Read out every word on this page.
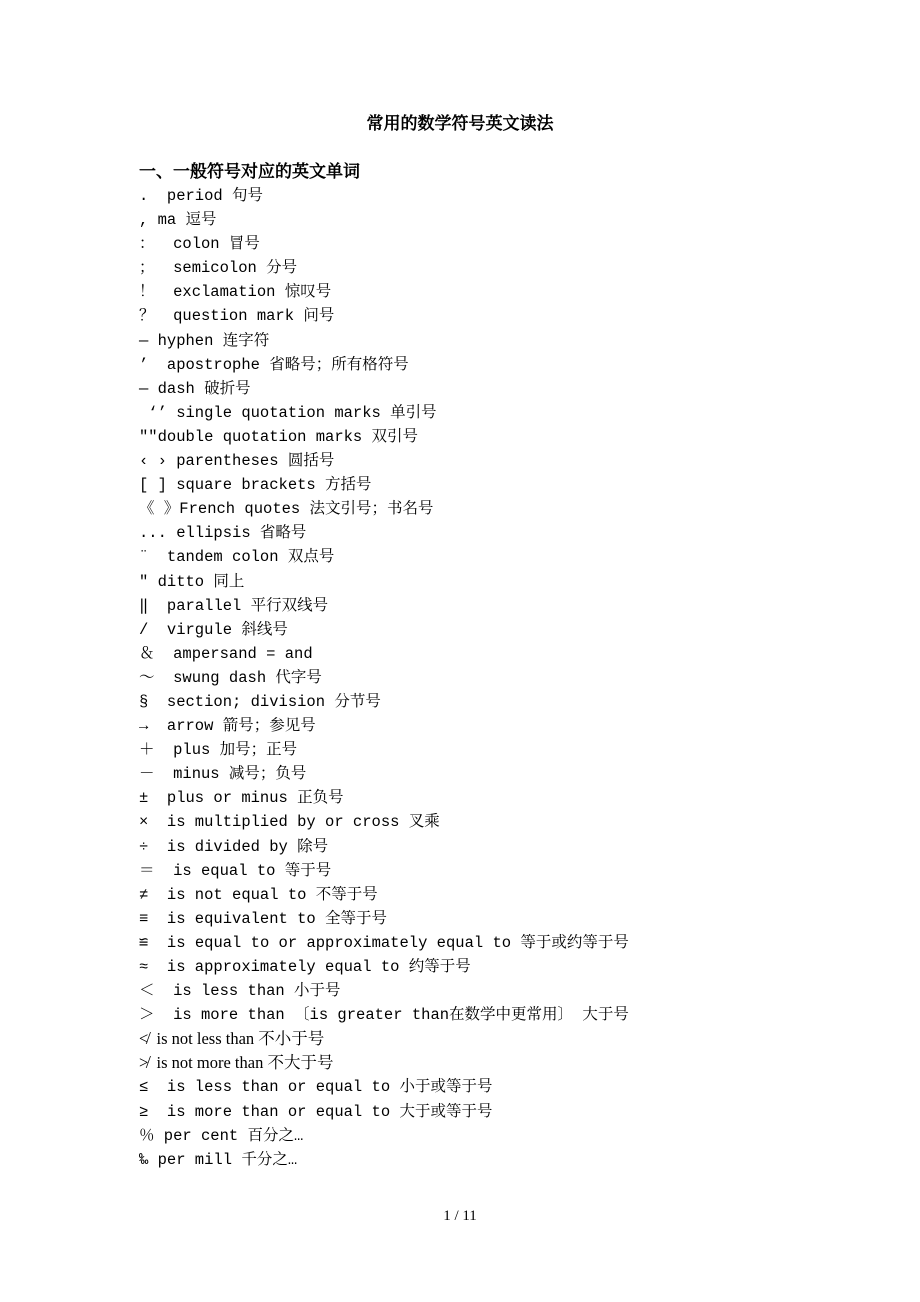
常用的数学符号英文读法
一、一般符号对应的英文单词
.  period 句号
, ma 逗号
：  colon 冒号
；  semicolon 分号
！  exclamation 惊叹号
？  question mark 问号
― hyphen 连字符
’  apostrophe 省略号；所有格符号
— dash 破折号
‘’ single quotation marks 单引号
""double quotation marks 双引号
‹ › parentheses 圆括号
[ ] square brackets 方括号
《 》French quotes 法文引号；书名号
... ellipsis 省略号
¨  tandem colon 双点号
" ditto 同上
‖  parallel 平行双线号
/  virgule 斜线号
＆  ampersand = and
～  swung dash 代字号
§  section; division 分节号
→  arrow 箭号；参见号
＋  plus 加号；正号
－  minus 减号；负号
±  plus or minus 正负号
×  is multiplied by or cross 叉乘
÷  is divided by 除号
＝  is equal to 等于号
≠  is not equal to 不等于号
≡  is equivalent to 全等于号
≌  is equal to or approximately equal to 等于或约等于号
≈  is approximately equal to 约等于号
＜  is less than 小于号
＞  is more than 〔is greater than在数学中更常用〕 大于号
≮  is not less than 不小于号
≯  is not more than 不大于号
≤  is less than or equal to 小于或等于号
≥  is more than or equal to 大于或等于号
％ per cent 百分之…
‰ per mill 千分之…
1 / 11
